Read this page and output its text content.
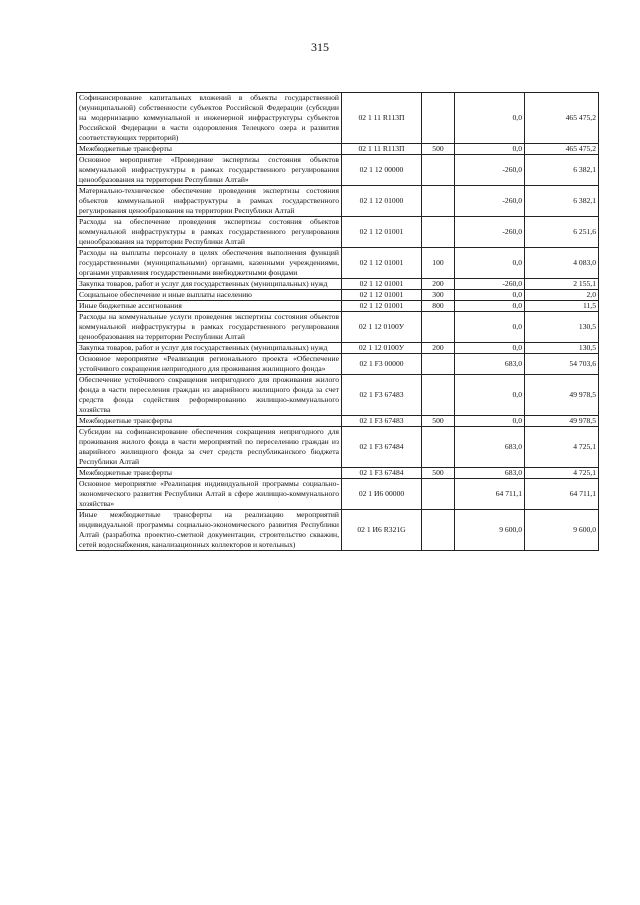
315
Софинансирование капитальных вложений в объекты государственной (муниципальной) собственности субъектов Российской Федерации (субсидии на модернизацию коммунальной и инженерной инфраструктуры субъектов Российской Федерации в части оздоровления Телецкого озера и развития соответствующих территорий)	02 1 11 R113П		0,0	465 475,2
Межбюджетные трансферты	02 1 11 R113П	500	0,0	465 475,2
Основное мероприятие «Проведение экспертизы состояния объектов коммунальной инфраструктуры в рамках государственного регулирования ценообразования на территории Республики Алтай»	02 1 12 00000		-260,0	6 382,1
Материально-техническое обеспечение проведения экспертизы состояния объектов коммунальной инфраструктуры в рамках государственного регулирования ценообразования на территории Республики Алтай	02 1 12 01000		-260,0	6 382,1
Расходы на обеспечение проведения экспертизы состояния объектов коммунальной инфраструктуры в рамках государственного регулирования ценообразования на территории Республики Алтай	02 1 12 01001		-260,0	6 251,6
Расходы на выплаты персоналу в целях обеспечения выполнения функций государственными (муниципальными) органами, казенными учреждениями, органами управления государственными внебюджетными фондами	02 1 12 01001	100	0,0	4 083,0
Закупка товаров, работ и услуг для государственных (муниципальных) нужд	02 1 12 01001	200	-260,0	2 155,1
Социальное обеспечение и иные выплаты населению	02 1 12 01001	300	0,0	2,0
Иные бюджетные ассигнования	02 1 12 01001	800	0,0	11,5
Расходы на коммунальные услуги проведения экспертизы состояния объектов коммунальной инфраструктуры в рамках государственного регулирования ценообразования на территории Республики Алтай	02 1 12 0100У		0,0	130,5
Закупка товаров, работ и услуг для государственных (муниципальных) нужд	02 1 12 0100У	200	0,0	130,5
Основное мероприятие «Реализация регионального проекта «Обеспечение устойчивого сокращения непригодного для проживания жилищного фонда»	02 1 F3 00000		683,0	54 703,6
Обеспечение устойчивого сокращения непригодного для проживания жилого фонда в части переселения граждан из аварийного жилищного фонда за счет средств фонда содействия реформированию жилищно-коммунального хозяйства	02 1 F3 67483		0,0	49 978,5
Межбюджетные трансферты	02 1 F3 67483	500	0,0	49 978,5
Субсидии на софинансирование обеспечения сокращения непригодного для проживания жилого фонда в части мероприятий по переселению граждан из аварийного жилищного фонда за счет средств республиканского бюджета Республики Алтай	02 1 F3 67484		683,0	4 725,1
Межбюджетные трансферты	02 1 F3 67484	500	683,0	4 725,1
Основное мероприятие «Реализация индивидуальной программы социально-экономического развития Республики Алтай в сфере жилищно-коммунального хозяйства»	02 1 И6 00000		64 711,1	64 711,1
Иные межбюджетные трансферты на реализацию мероприятий индивидуальной программы социально-экономического развития Республики Алтай (разработка проектно-сметной документации, строительство скважин, сетей водоснабжения, канализационных коллекторов и котельных)	02 1 И6 R321G		9 600,0	9 600,0
